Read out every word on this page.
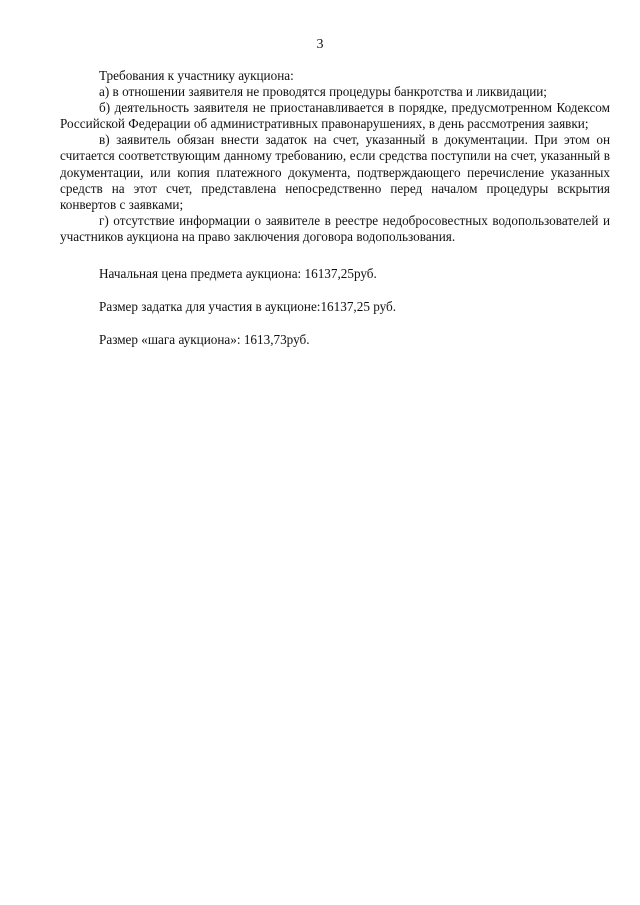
3

Требования к участнику аукциона:

а) в отношении заявителя не проводятся процедуры банкротства и ликвидации;

б) деятельность заявителя не приостанавливается в порядке, предусмотренном Кодексом Российской Федерации об административных правонарушениях, в день рассмотрения заявки;

в) заявитель обязан внести задаток на счет, указанный в документации. При этом он считается соответствующим данному требованию, если средства поступили на счет, указанный в документации, или копия платежного документа, подтверждающего перечисление указанных средств на этот счет, представлена непосредственно перед началом процедуры вскрытия конвертов с заявками;

г) отсутствие информации о заявителе в реестре недобросовестных водопользователей и участников аукциона на право заключения договора водопользования.

Начальная цена предмета аукциона: 16137,25руб.

Размер задатка для участия в аукционе:16137,25 руб.

Размер «шага аукциона»: 1613,73руб.
